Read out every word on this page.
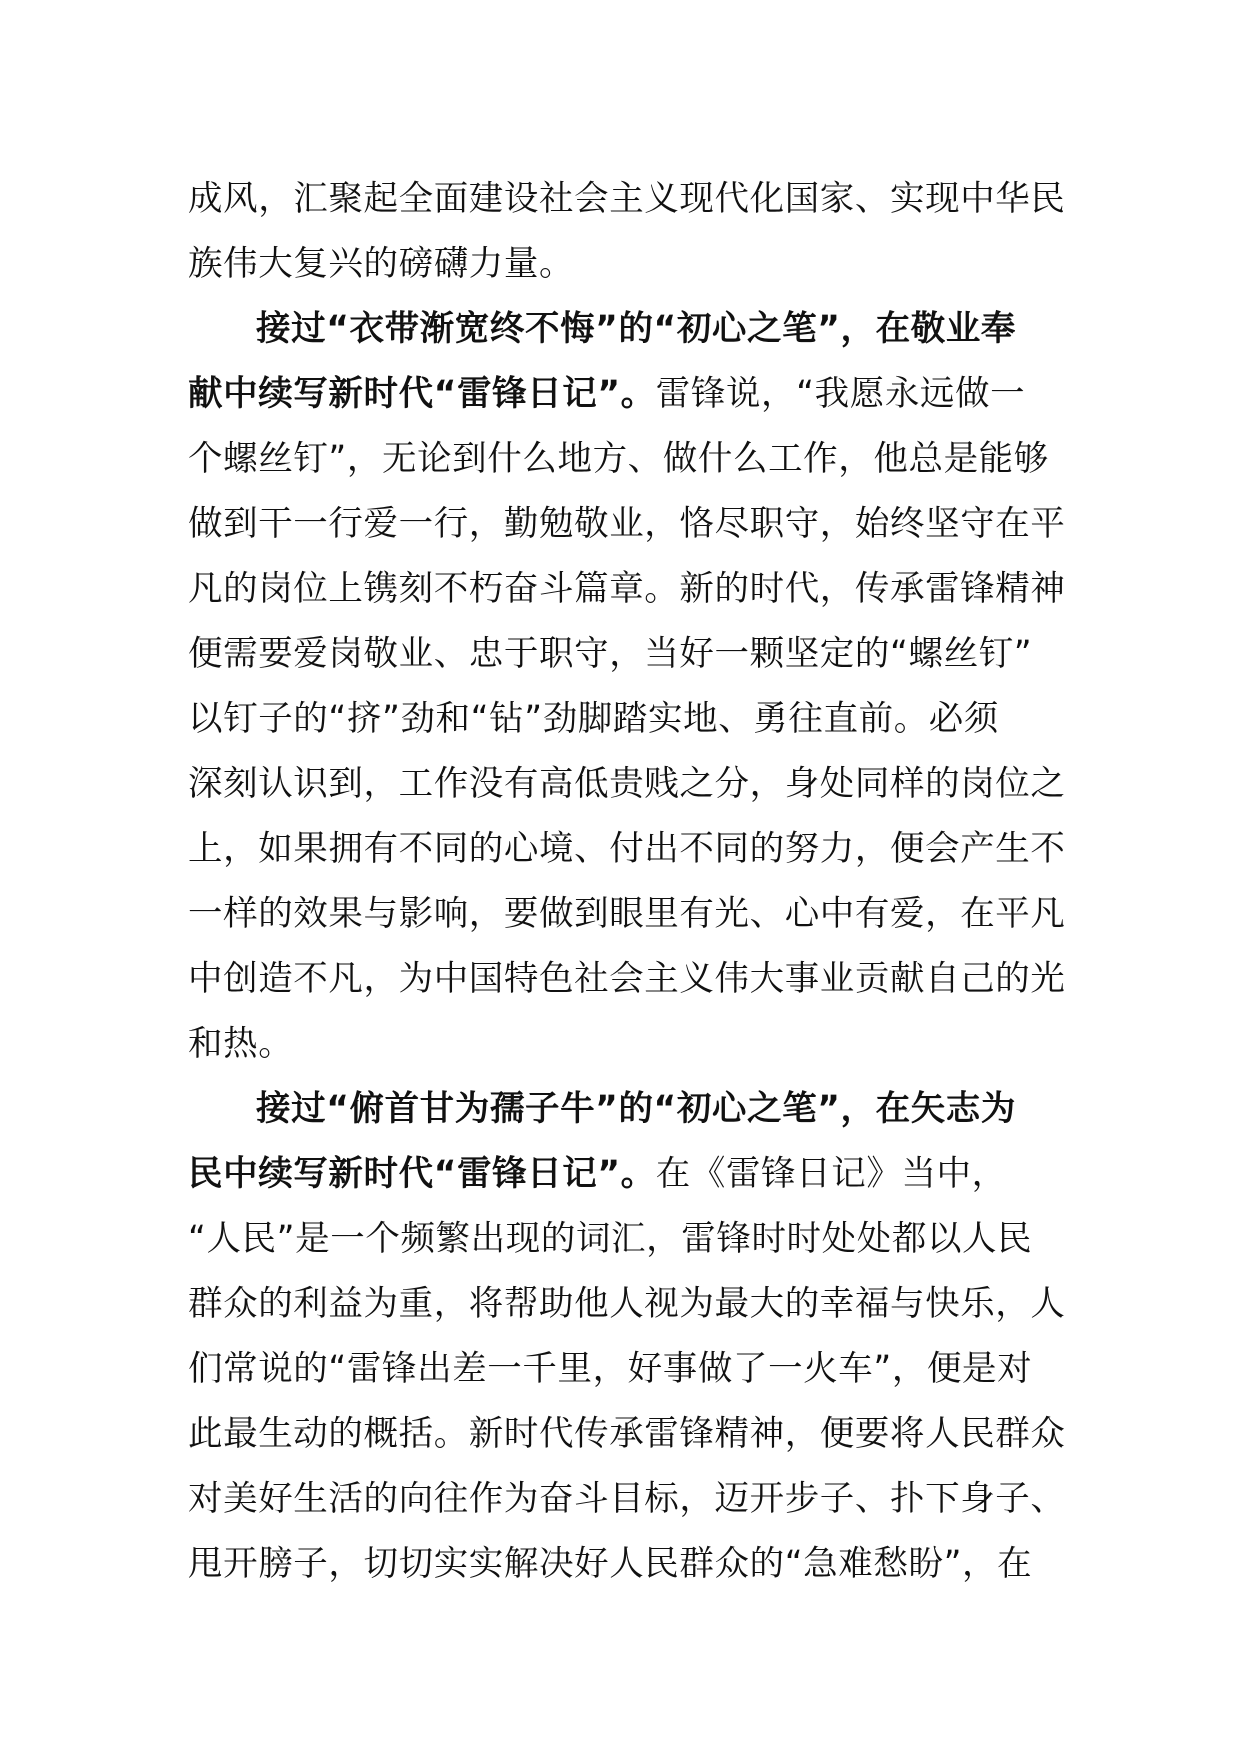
成风，汇聚起全面建设社会主义现代化国家、实现中华民
族伟大复兴的磅礴力量。
接过“衣带渐宽终不悔”的“初心之笔”，在敬业奉
献中续写新时代“雷锋日记”。雷锋说，“我愿永远做一
个螺丝钉”，无论到什么地方、做什么工作，他总是能够
做到干一行爱一行，勤勉敬业，恪尽职守，始终坚守在平
凡的岗位上镌刻不朽奋斗篇章。新的时代，传承雷锋精神
便需要爱岗敬业、忠于职守，当好一颗坚定的“螺丝钉”
以钉子的“挤”劲和“钻”劲脚踏实地、勇往直前。必须
深刻认识到，工作没有高低贵贱之分，身处同样的岗位之
上，如果拥有不同的心境、付出不同的努力，便会产生不
一样的效果与影响，要做到眼里有光、心中有爱，在平凡
中创造不凡，为中国特色社会主义伟大事业贡献自己的光
和热。
接过“俯首甘为孺子牛”的“初心之笔”，在矢志为
民中续写新时代“雷锋日记”。在《雷锋日记》当中，
“人民”是一个频繁出现的词汇，雷锋时时处处都以人民
群众的利益为重，将帮助他人视为最大的幸福与快乐，人
们常说的“雷锋出差一千里，好事做了一火车”，便是对
此最生动的概括。新时代传承雷锋精神，便要将人民群众
对美好生活的向往作为奋斗目标，迈开步子、扑下身子、
甩开膀子，切切实实解决好人民群众的“急难愁盼”，在
